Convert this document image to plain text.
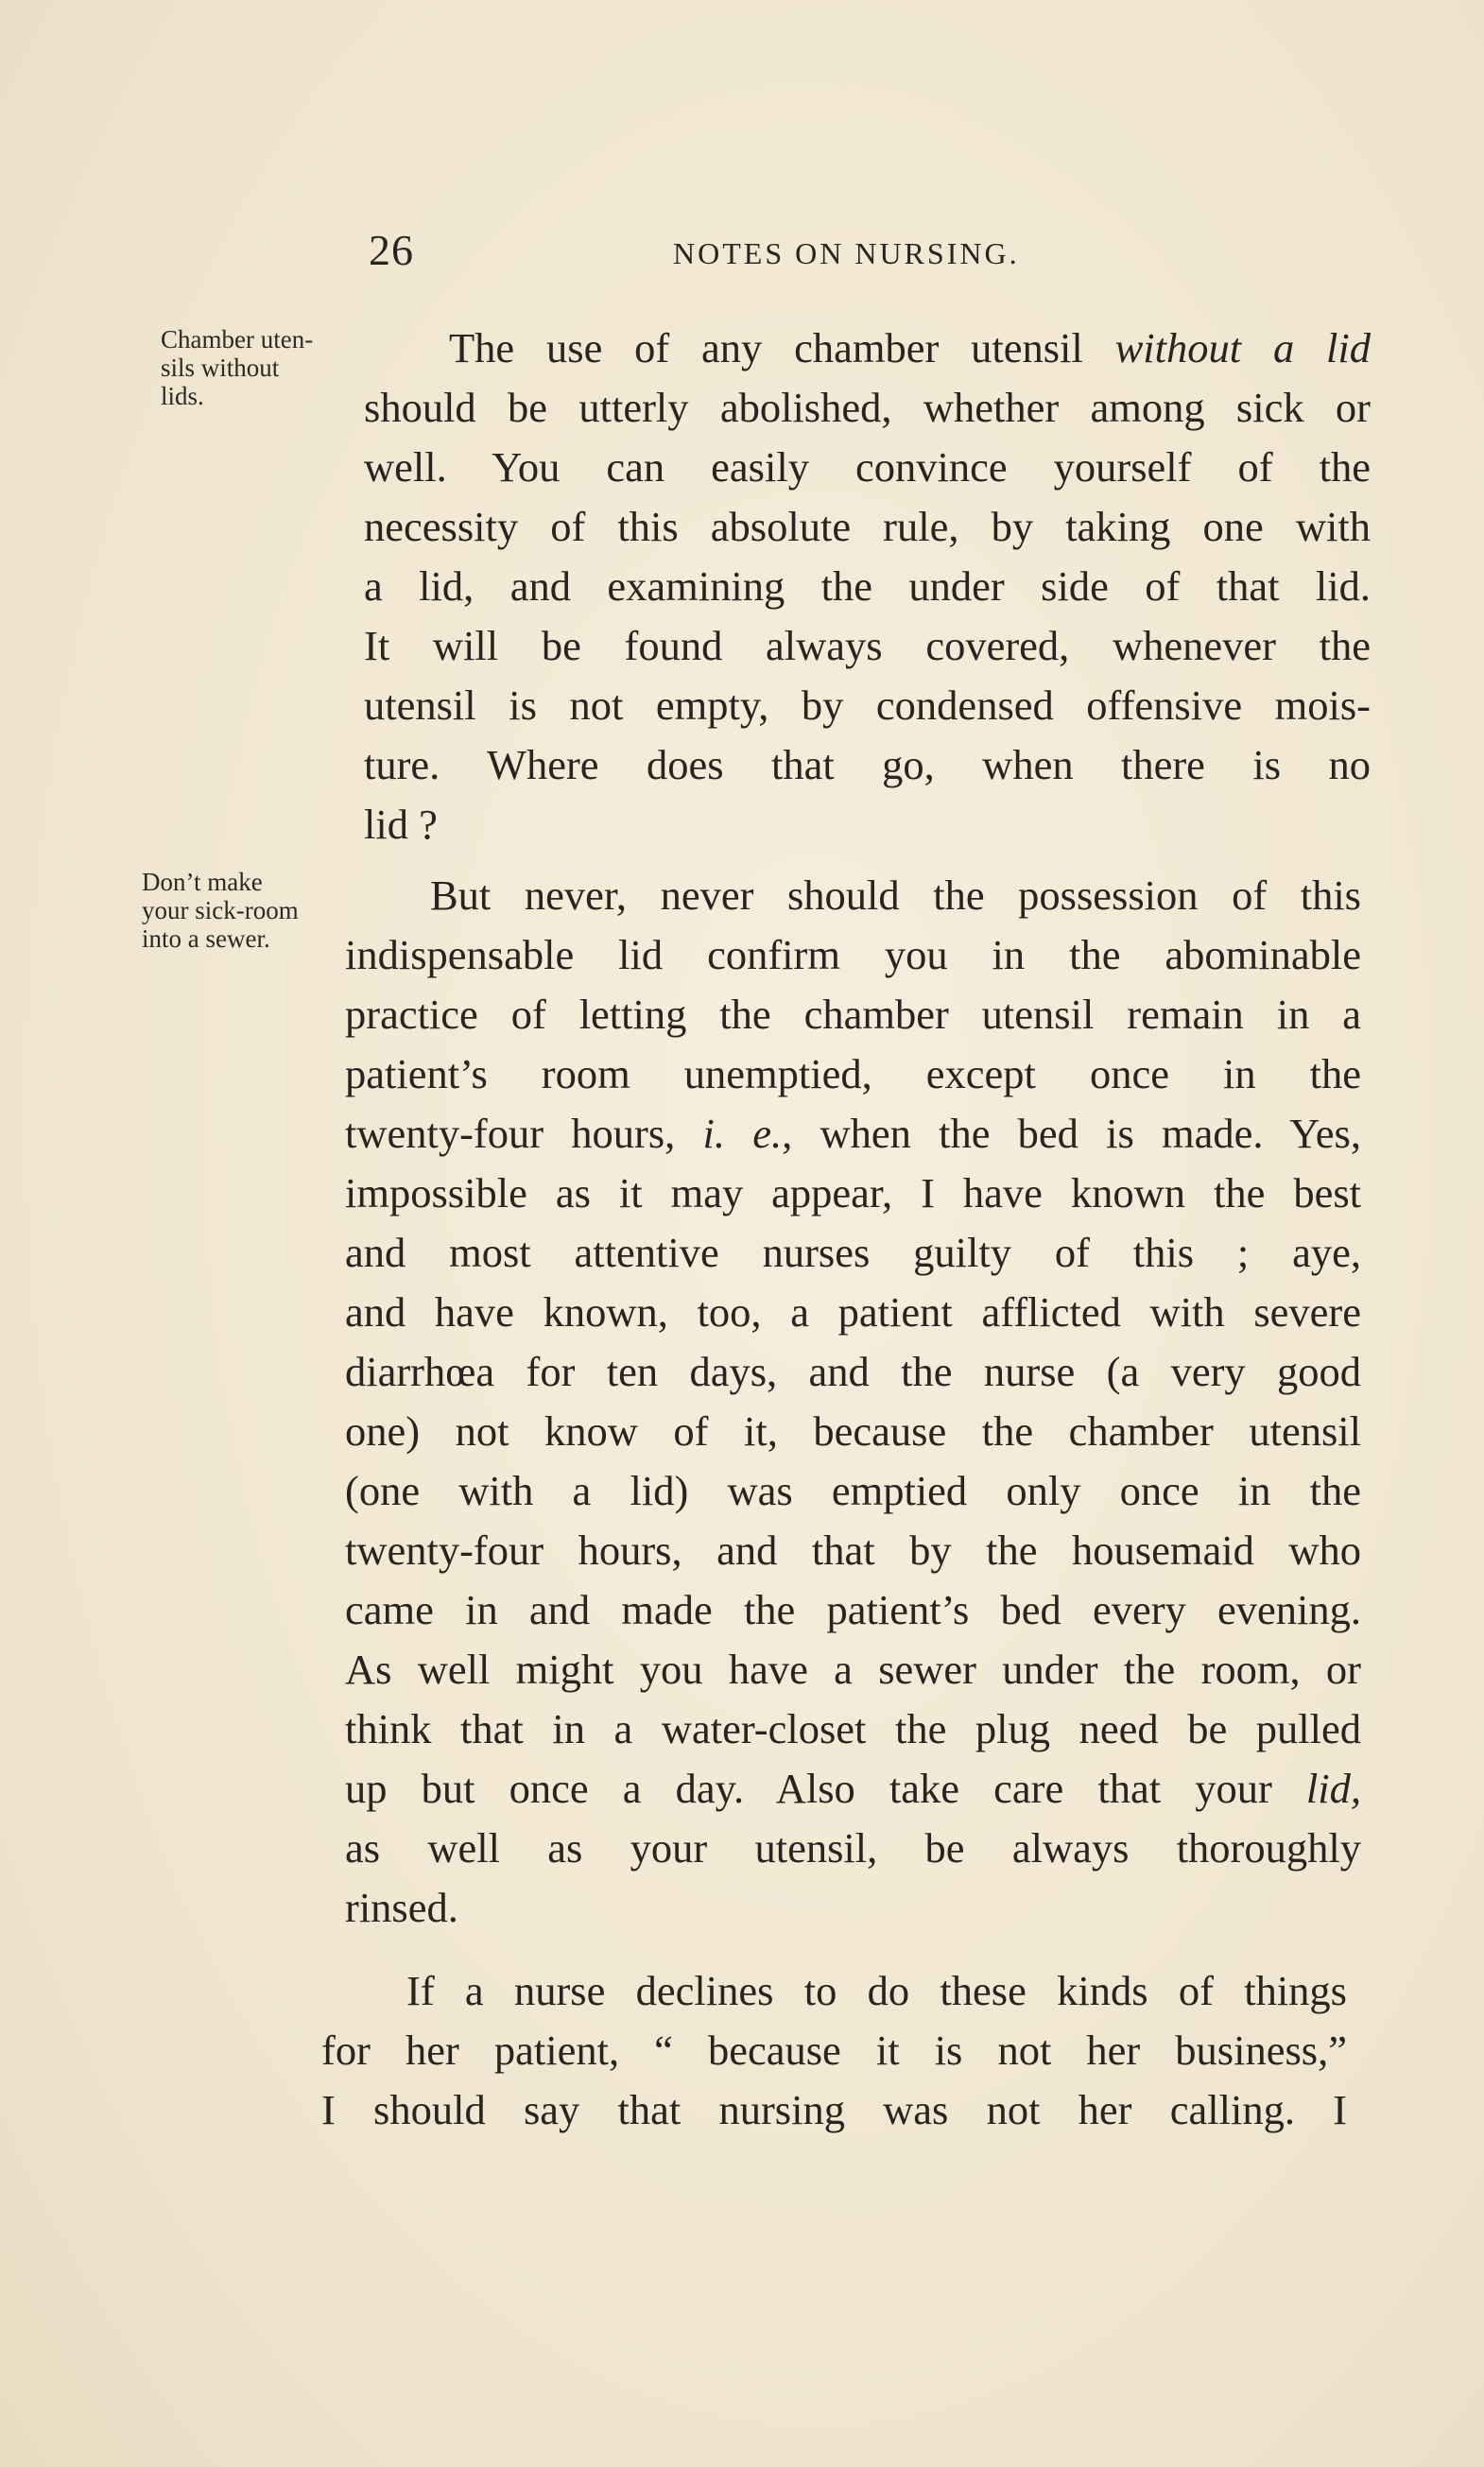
26	NOTES ON NURSING.
Chamber uten-
sils without
lids.
Don’t make
your sick-room
into a sewer.
The use of any chamber utensil without a lid
should be utterly abolished, whether among sick or
well. You can easily convince yourself of the
necessity of this absolute rule, by taking one with
a lid, and examining the under side of that lid.
It will be found always covered, whenever the
utensil is not empty, by condensed offensive mois-
ture. Where does that go, when there is no
lid ?
But never, never should the possession of this
indispensable lid confirm you in the abominable
practice of letting the chamber utensil remain in a
patient’s room unemptied, except once in the
twenty-four hours, i. e., when the bed is made. Yes,
impossible as it may appear, I have known the best
and most attentive nurses guilty of this ; aye,
and have known, too, a patient afflicted with severe
diarrhœa for ten days, and the nurse (a very good
one) not know of it, because the chamber utensil
(one with a lid) was emptied only once in the
twenty-four hours, and that by the housemaid who
came in and made the patient’s bed every evening.
As well might you have a sewer under the room, or
think that in a water-closet the plug need be pulled
up but once a day. Also take care that your lid,
as well as your utensil, be always thoroughly
rinsed.
If a nurse declines to do these kinds of things
for her patient, “ because it is not her business,”
I should say that nursing was not her calling. I
